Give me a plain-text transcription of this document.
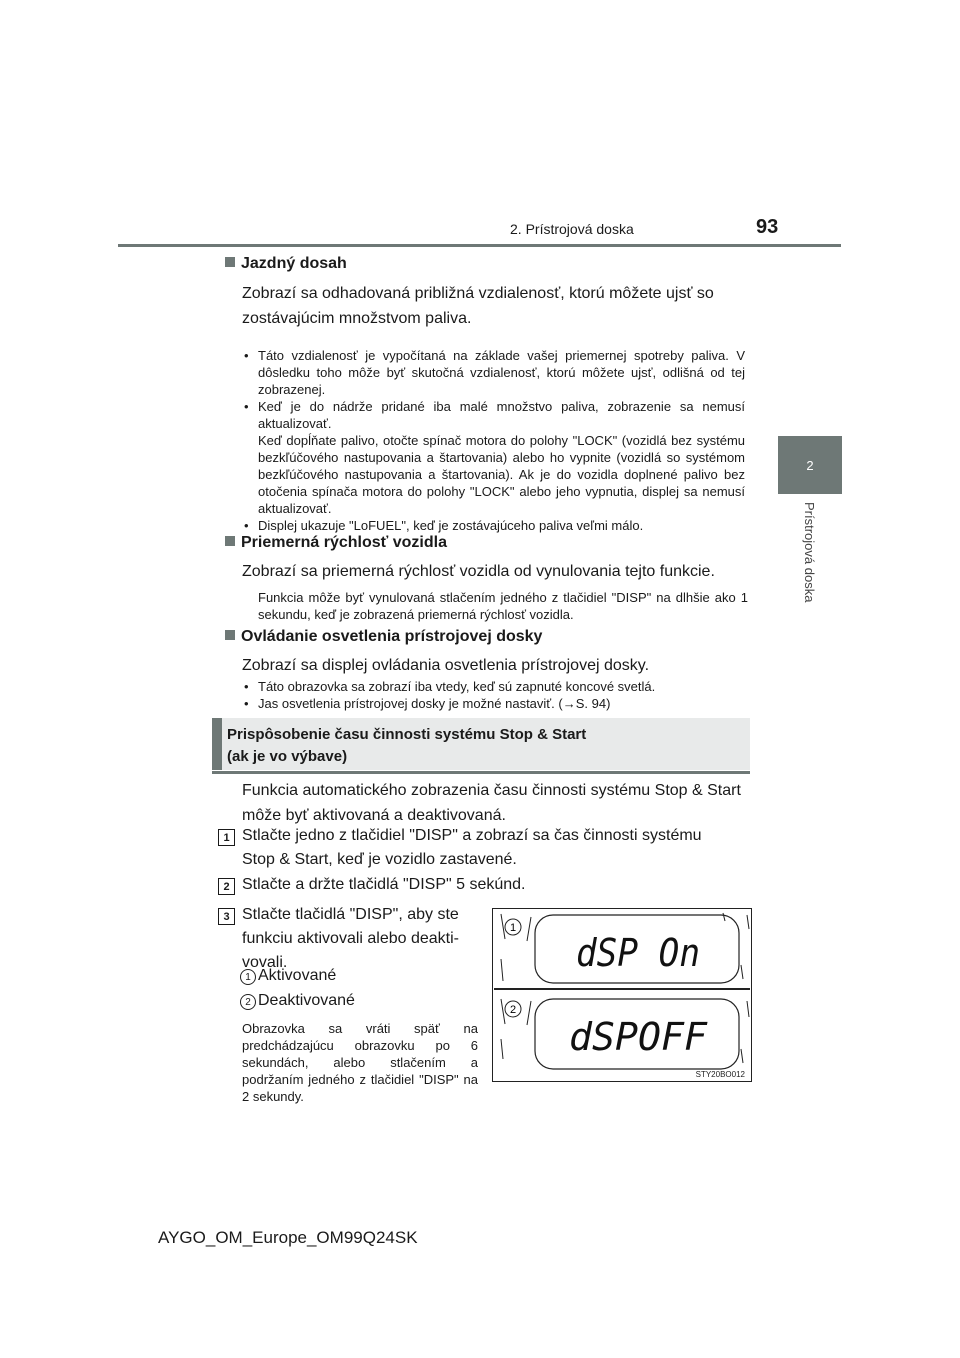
2. Prístrojová doska	93
2
Prístrojová doska
Jazdný dosah
Zobrazí sa odhadovaná približná vzdialenosť, ktorú môžete ujsť so
zostávajúcim množstvom paliva.
• Táto vzdialenosť je vypočítaná na základe vašej priemernej spotreby paliva. V dôsledku toho môže byť skutočná vzdialenosť, ktorú môžete ujsť, odlišná od tej zobrazenej.
• Keď je do nádrže pridané iba malé množstvo paliva, zobrazenie sa nemusí aktualizovať.
Keď dopĺňate palivo, otočte spínač motora do polohy "LOCK" (vozidlá bez systému bezkľúčového nastupovania a štartovania) alebo ho vypnite (vozidlá so systémom bezkľúčového nastupovania a štartovania). Ak je do vozidla doplnené palivo bez otočenia spínača motora do polohy "LOCK" alebo jeho vypnutia, displej sa nemusí aktualizovať.
• Displej ukazuje "LoFUEL", keď je zostávajúceho paliva veľmi málo.
Priemerná rýchlosť vozidla
Zobrazí sa priemerná rýchlosť vozidla od vynulovania tejto funkcie.
Funkcia môže byť vynulovaná stlačením jedného z tlačidiel "DISP" na dlhšie ako 1 sekundu, keď je zobrazená priemerná rýchlosť vozidla.
Ovládanie osvetlenia prístrojovej dosky
Zobrazí sa displej ovládania osvetlenia prístrojovej dosky.
• Táto obrazovka sa zobrazí iba vtedy, keď sú zapnuté koncové svetlá.
• Jas osvetlenia prístrojovej dosky je možné nastaviť. (→S. 94)
Prispôsobenie času činnosti systému Stop & Start
(ak je vo výbave)
Funkcia automatického zobrazenia času činnosti systému Stop & Start
môže byť aktivovaná a deaktivovaná.
1 Stlačte jedno z tlačidiel "DISP" a zobrazí sa čas činnosti systému
Stop & Start, keď je vozidlo zastavené.
2 Stlačte a držte tlačidlá "DISP" 5 sekúnd.
3 Stlačte tlačidlá "DISP", aby ste
funkciu aktivovali alebo deakti-
vovali.
1 Aktivované
2 Deaktivované
Obrazovka sa vráti späť na predchádzajúcu obrazovku po 6 sekundách, alebo stlačením a podržaním jedného z tlačidiel "DISP" na 2 sekundy.
1
2
dSP On
dSPOFF
STY20BO012
AYGO_OM_Europe_OM99Q24SK
